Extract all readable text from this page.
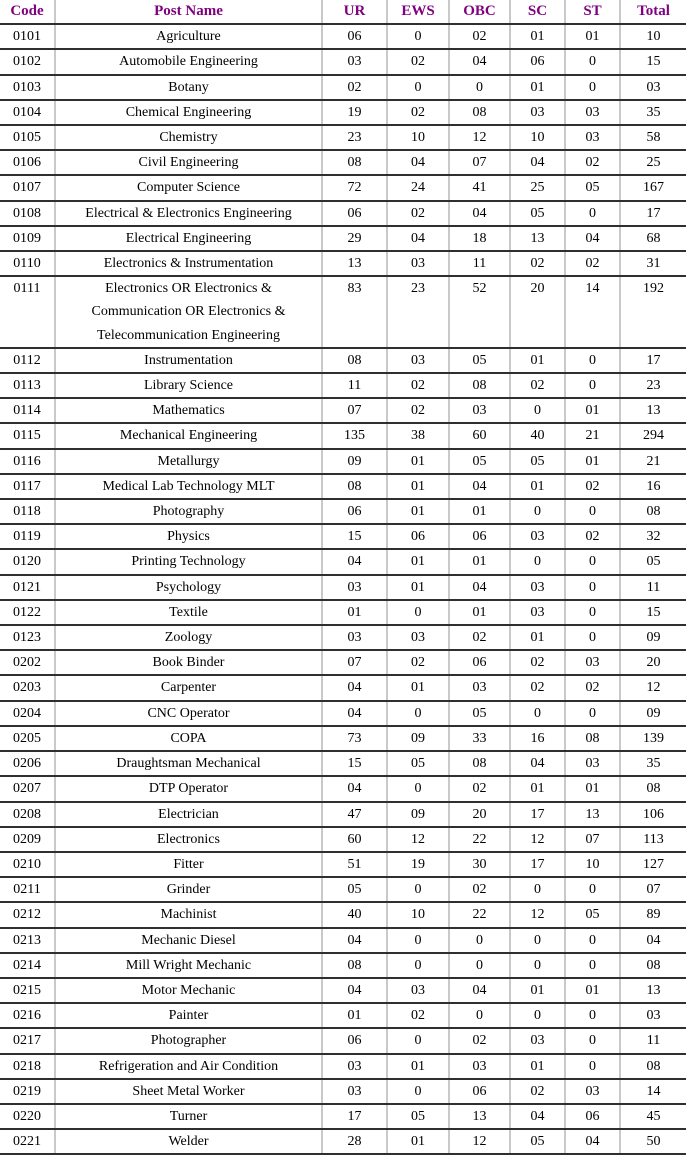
Code	Post Name	UR	EWS	OBC	SC	ST	Total
0101	Agriculture	06	0	02	01	01	10
0102	Automobile Engineering	03	02	04	06	0	15
0103	Botany	02	0	0	01	0	03
0104	Chemical Engineering	19	02	08	03	03	35
0105	Chemistry	23	10	12	10	03	58
0106	Civil Engineering	08	04	07	04	02	25
0107	Computer Science	72	24	41	25	05	167
0108	Electrical & Electronics Engineering	06	02	04	05	0	17
0109	Electrical Engineering	29	04	18	13	04	68
0110	Electronics & Instrumentation	13	03	11	02	02	31
0111	Electronics OR Electronics & Communication OR Electronics & Telecommunication Engineering	83	23	52	20	14	192
0112	Instrumentation	08	03	05	01	0	17
0113	Library Science	11	02	08	02	0	23
0114	Mathematics	07	02	03	0	01	13
0115	Mechanical Engineering	135	38	60	40	21	294
0116	Metallurgy	09	01	05	05	01	21
0117	Medical Lab Technology MLT	08	01	04	01	02	16
0118	Photography	06	01	01	0	0	08
0119	Physics	15	06	06	03	02	32
0120	Printing Technology	04	01	01	0	0	05
0121	Psychology	03	01	04	03	0	11
0122	Textile	01	0	01	03	0	15
0123	Zoology	03	03	02	01	0	09
0202	Book Binder	07	02	06	02	03	20
0203	Carpenter	04	01	03	02	02	12
0204	CNC Operator	04	0	05	0	0	09
0205	COPA	73	09	33	16	08	139
0206	Draughtsman Mechanical	15	05	08	04	03	35
0207	DTP Operator	04	0	02	01	01	08
0208	Electrician	47	09	20	17	13	106
0209	Electronics	60	12	22	12	07	113
0210	Fitter	51	19	30	17	10	127
0211	Grinder	05	0	02	0	0	07
0212	Machinist	40	10	22	12	05	89
0213	Mechanic Diesel	04	0	0	0	0	04
0214	Mill Wright Mechanic	08	0	0	0	0	08
0215	Motor Mechanic	04	03	04	01	01	13
0216	Painter	01	02	0	0	0	03
0217	Photographer	06	0	02	03	0	11
0218	Refrigeration and Air Condition	03	01	03	01	0	08
0219	Sheet Metal Worker	03	0	06	02	03	14
0220	Turner	17	05	13	04	06	45
0221	Welder	28	01	12	05	04	50
